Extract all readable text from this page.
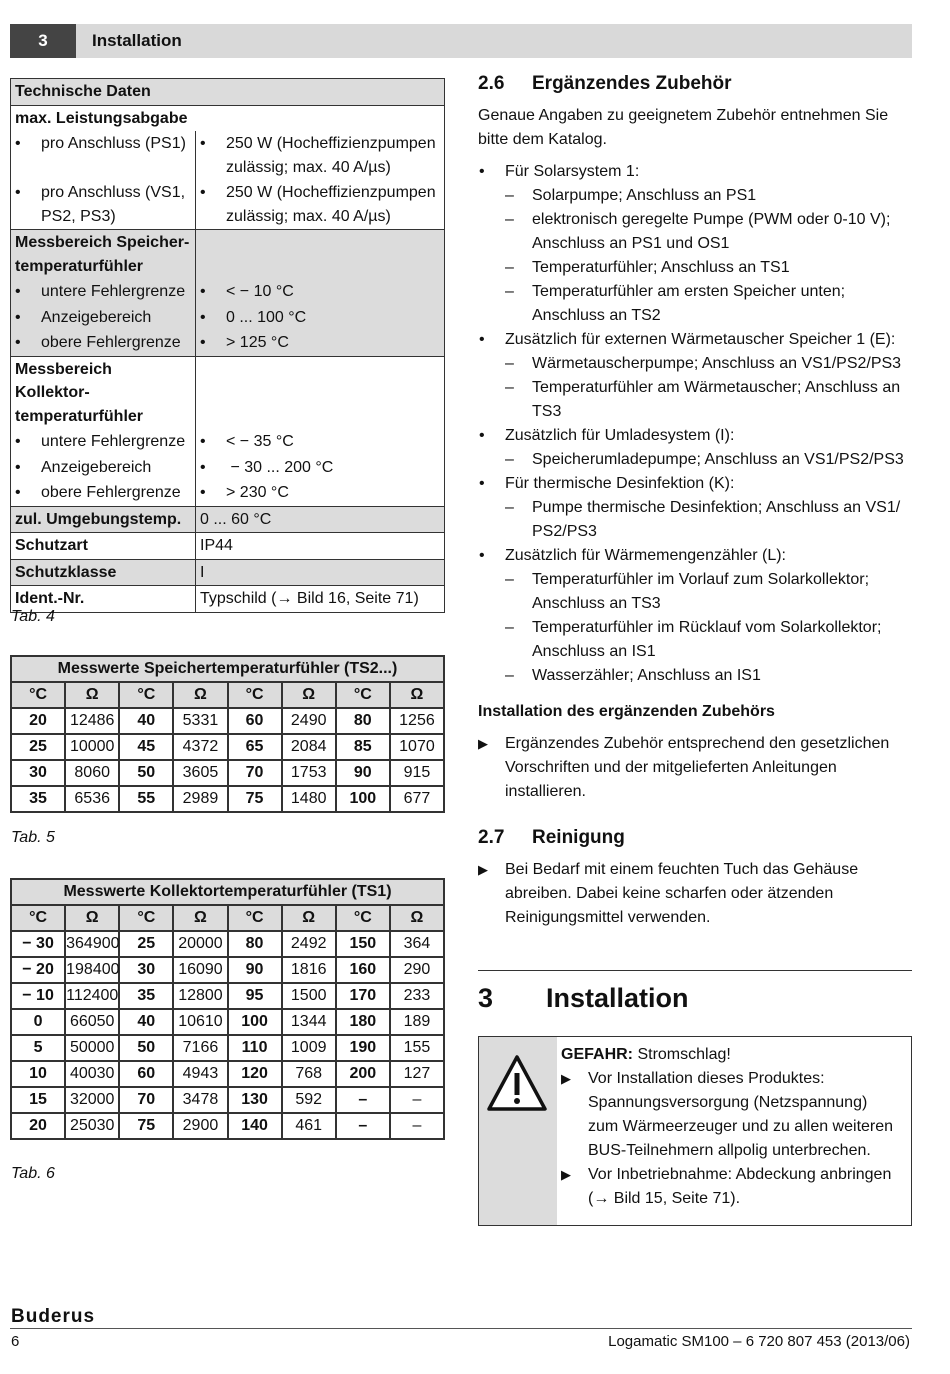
3	Installation
Technische Daten	
max. Leistungsabgabe	

• pro Anschluss (PS1)	• 250 W (Hocheffizienzpumpen zulässig; max. 40 A/µs)

• pro Anschluss (VS1, PS2, PS3)	• 250 W (Hocheffizienzpumpen zulässig; max. 40 A/µs)

Messbereich Speicher-temperaturfühler	

• untere Fehlergrenze	• < − 10 °C

• Anzeigebereich	• 0 ... 100 °C

• obere Fehlergrenze	• > 125 °C

Messbereich Kollektor-temperaturfühler	

• untere Fehlergrenze	• < − 35 °C

• Anzeigebereich	• − 30 ... 200 °C

• obere Fehlergrenze	• > 230 °C

zul. Umgebungstemp.	0 ... 60 °C
Schutzart	IP44
Schutzklasse	I
Ident.-Nr.	Typschild (→ Bild 16, Seite 71)
Tab. 4
Messwerte Speichertemperaturfühler (TS2...)							
°C	Ω	°C	Ω	°C	Ω	°C	Ω
20	12486	40	5331	60	2490	80	1256
25	10000	45	4372	65	2084	85	1070
30	8060	50	3605	70	1753	90	915
35	6536	55	2989	75	1480	100	677
Tab. 5
Messwerte Kollektortemperaturfühler (TS1)							
°C	Ω	°C	Ω	°C	Ω	°C	Ω
− 30	364900	25	20000	80	2492	150	364
− 20	198400	30	16090	90	1816	160	290
− 10	112400	35	12800	95	1500	170	233
0	66050	40	10610	100	1344	180	189
5	50000	50	7166	110	1009	190	155
10	40030	60	4943	120	768	200	127
15	32000	70	3478	130	592	–	–
20	25030	75	2900	140	461	–	–
Tab. 6
2.6 Ergänzendes Zubehör
Genaue Angaben zu geeignetem Zubehör entnehmen Sie bitte dem Katalog.
• Für Solarsystem 1:
– Solarpumpe; Anschluss an PS1
– elektronisch geregelte Pumpe (PWM oder 0-10 V); Anschluss an PS1 und OS1
– Temperaturfühler; Anschluss an TS1
– Temperaturfühler am ersten Speicher unten; Anschluss an TS2
• Zusätzlich für externen Wärmetauscher Speicher 1 (E):
– Wärmetauscherpumpe; Anschluss an VS1/PS2/PS3
– Temperaturfühler am Wärmetauscher; Anschluss an TS3
• Zusätzlich für Umladesystem (I):
– Speicherumladepumpe; Anschluss an VS1/PS2/PS3
• Für thermische Desinfektion (K):
– Pumpe thermische Desinfektion; Anschluss an VS1/ PS2/PS3
• Zusätzlich für Wärmemengenzähler (L):
– Temperaturfühler im Vorlauf zum Solarkollektor; Anschluss an TS3
– Temperaturfühler im Rücklauf vom Solarkollektor; Anschluss an IS1
– Wasserzähler; Anschluss an IS1
Installation des ergänzenden Zubehörs
▶ Ergänzendes Zubehör entsprechend den gesetzlichen Vorschriften und der mitgelieferten Anleitungen installieren.
2.7 Reinigung
▶ Bei Bedarf mit einem feuchten Tuch das Gehäuse abreiben. Dabei keine scharfen oder ätzenden Reinigungsmittel verwenden.
3 Installation
GEFAHR: Stromschlag!
▶ Vor Installation dieses Produktes: Spannungsversorgung (Netzspannung) zum Wärmeerzeuger und zu allen weiteren BUS-Teilnehmern allpolig unterbrechen.
▶ Vor Inbetriebnahme: Abdeckung anbringen (→ Bild 15, Seite 71).
Buderus
6	Logamatic SM100 – 6 720 807 453 (2013/06)
